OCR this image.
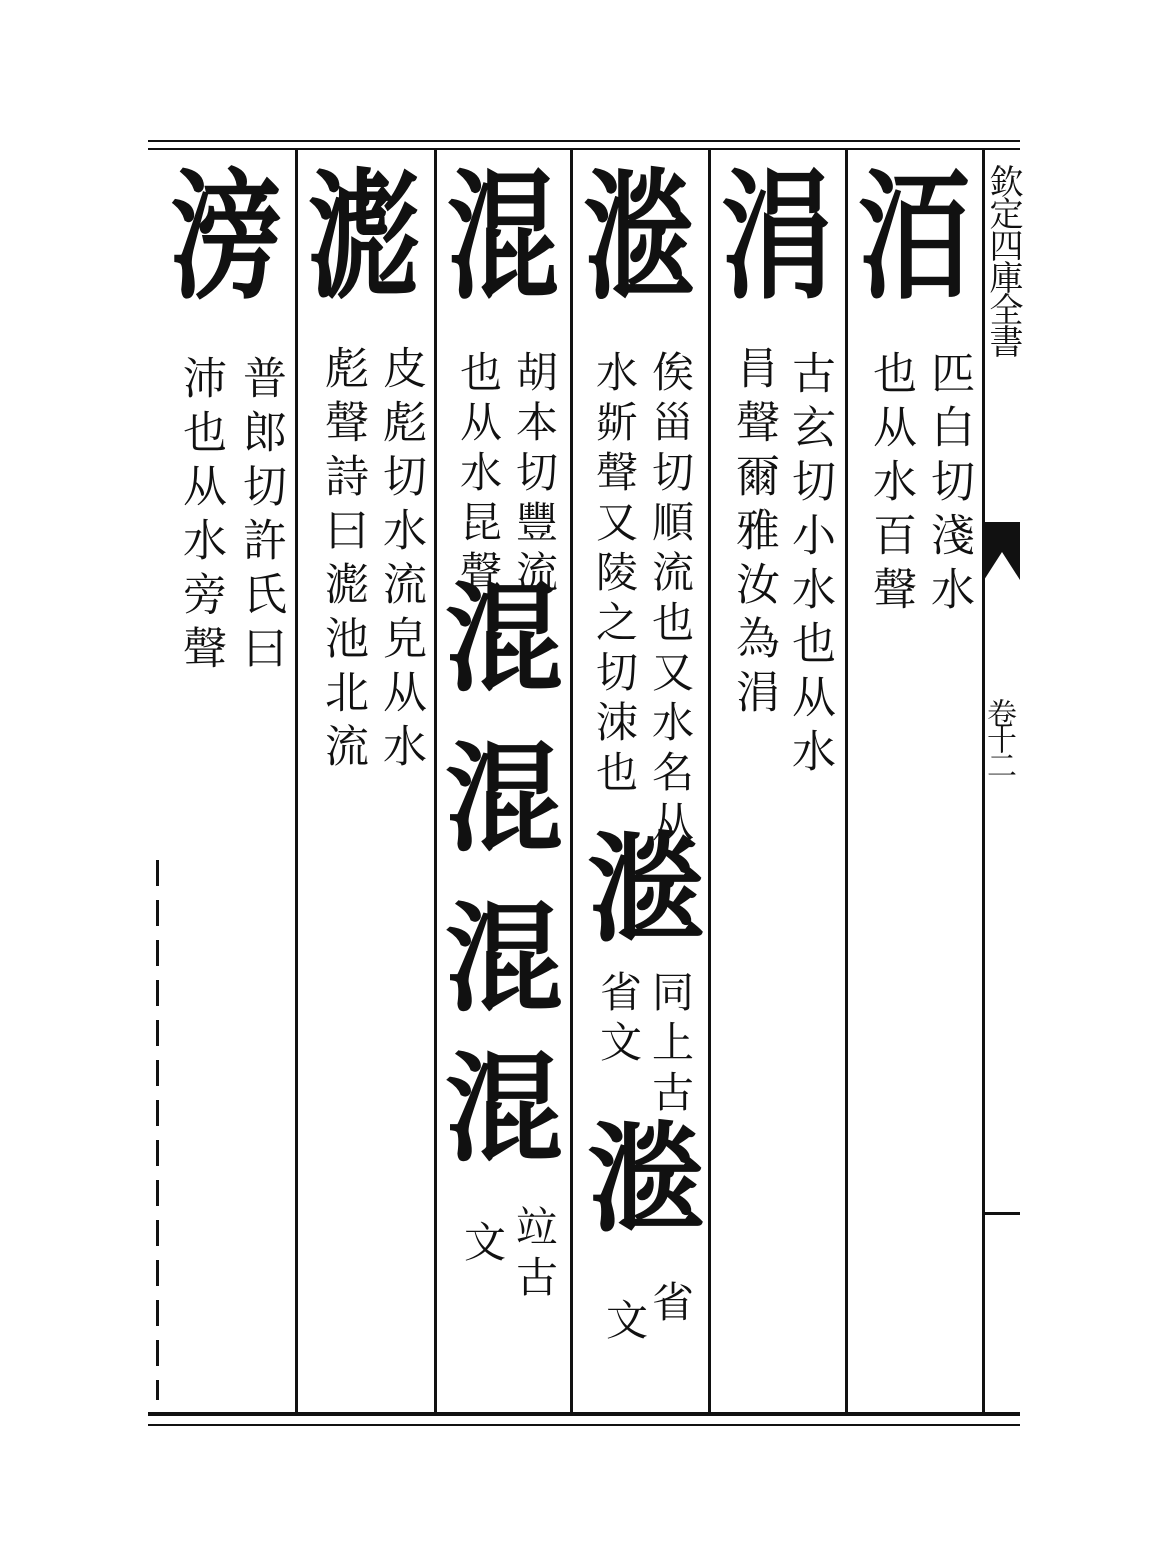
欽定四庫全書
卷十二
洦
匹白切淺水
也从水百聲
涓
古玄切小水也从水
肙聲爾雅汝為涓
㴴
俟甾切順流也又水名从
水㪿聲又陵之切洓也
㴴
同上古
省文
㴴
省
文
混
胡本切豐流
也从水昆聲
混
混
混
混
竝古
文
滮
皮彪切水流皃从水
彪聲詩曰滮池北流
滂
普郎切許氏曰
沛也从水旁聲
